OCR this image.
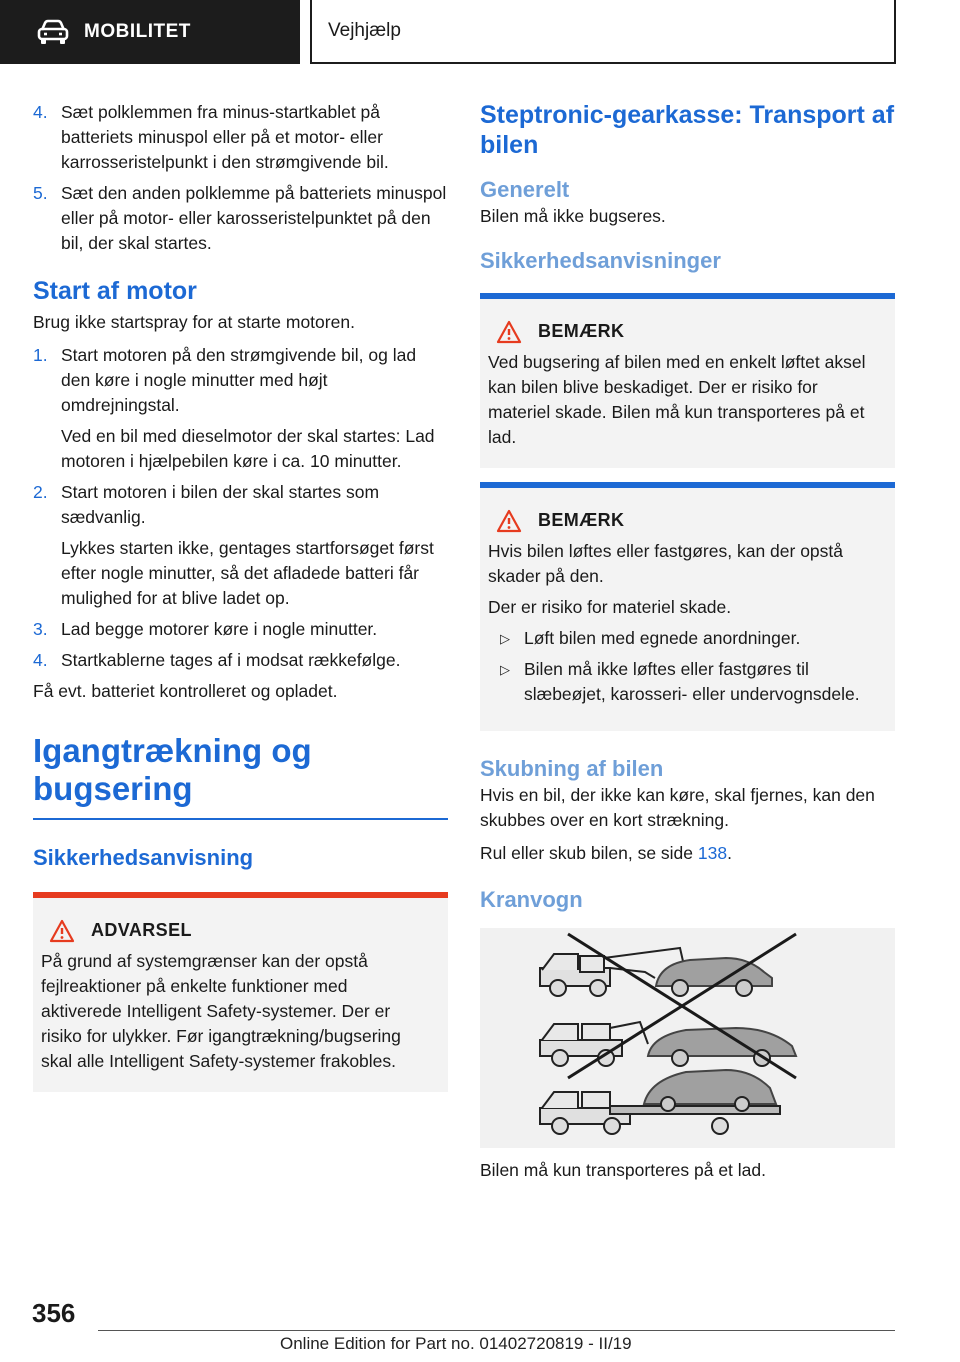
MOBILITET	Vejhjælp
4. Sæt polklemmen fra minus-startkablet på batteriets minuspol eller på et motor- eller karrosseristelpunkt i den strømgivende bil.
5. Sæt den anden polklemme på batteriets minuspol eller på motor- eller karosseristelpunktet på den bil, der skal startes.
Start af motor

Brug ikke startspray for at starte motoren.

1. Start motoren på den strømgivende bil, og lad den køre i nogle minutter med højt omdrejningstal.

Ved en bil med dieselmotor der skal startes: Lad motoren i hjælpebilen køre i ca. 10 minutter.

2. Start motoren i bilen der skal startes som sædvanlig.

Lykkes starten ikke, gentages startforsøget først efter nogle minutter, så det afladede batteri får mulighed for at blive ladet op.

3. Lad begge motorer køre i nogle minutter.
4. Startkablerne tages af i modsat rækkefølge.

Få evt. batteriet kontrolleret og opladet.

Igangtrækning og bugsering
Sikkerhedsanvisning
ADVARSEL

På grund af systemgrænser kan der opstå fejlreaktioner på enkelte funktioner med aktiverede Intelligent Safety-systemer. Der er risiko for ulykker. Før igangtrækning/bugsering skal alle Intelligent Safety-systemer frakobles.

Steptronic-gearkasse: Transport af bilen
Generelt

Bilen må ikke bugseres.

Sikkerhedsanvisninger
BEMÆRK

Ved bugsering af bilen med en enkelt løftet aksel kan bilen blive beskadiget. Der er risiko for materiel skade. Bilen må kun transporteres på et lad.

BEMÆRK

Hvis bilen løftes eller fastgøres, kan der opstå skader på den.

Der er risiko for materiel skade.

▷ Løft bilen med egnede anordninger.
▷ Bilen må ikke løftes eller fastgøres til slæbeøjet, karosseri- eller undervognsdele.
Skubning af bilen

Hvis en bil, der ikke kan køre, skal fjernes, kan den skubbes over en kort strækning.

Rul eller skub bilen, se side 138.

Kranvogn

Bilen må kun transporteres på et lad.

356
Online Edition for Part no. 01402720819 - II/19
